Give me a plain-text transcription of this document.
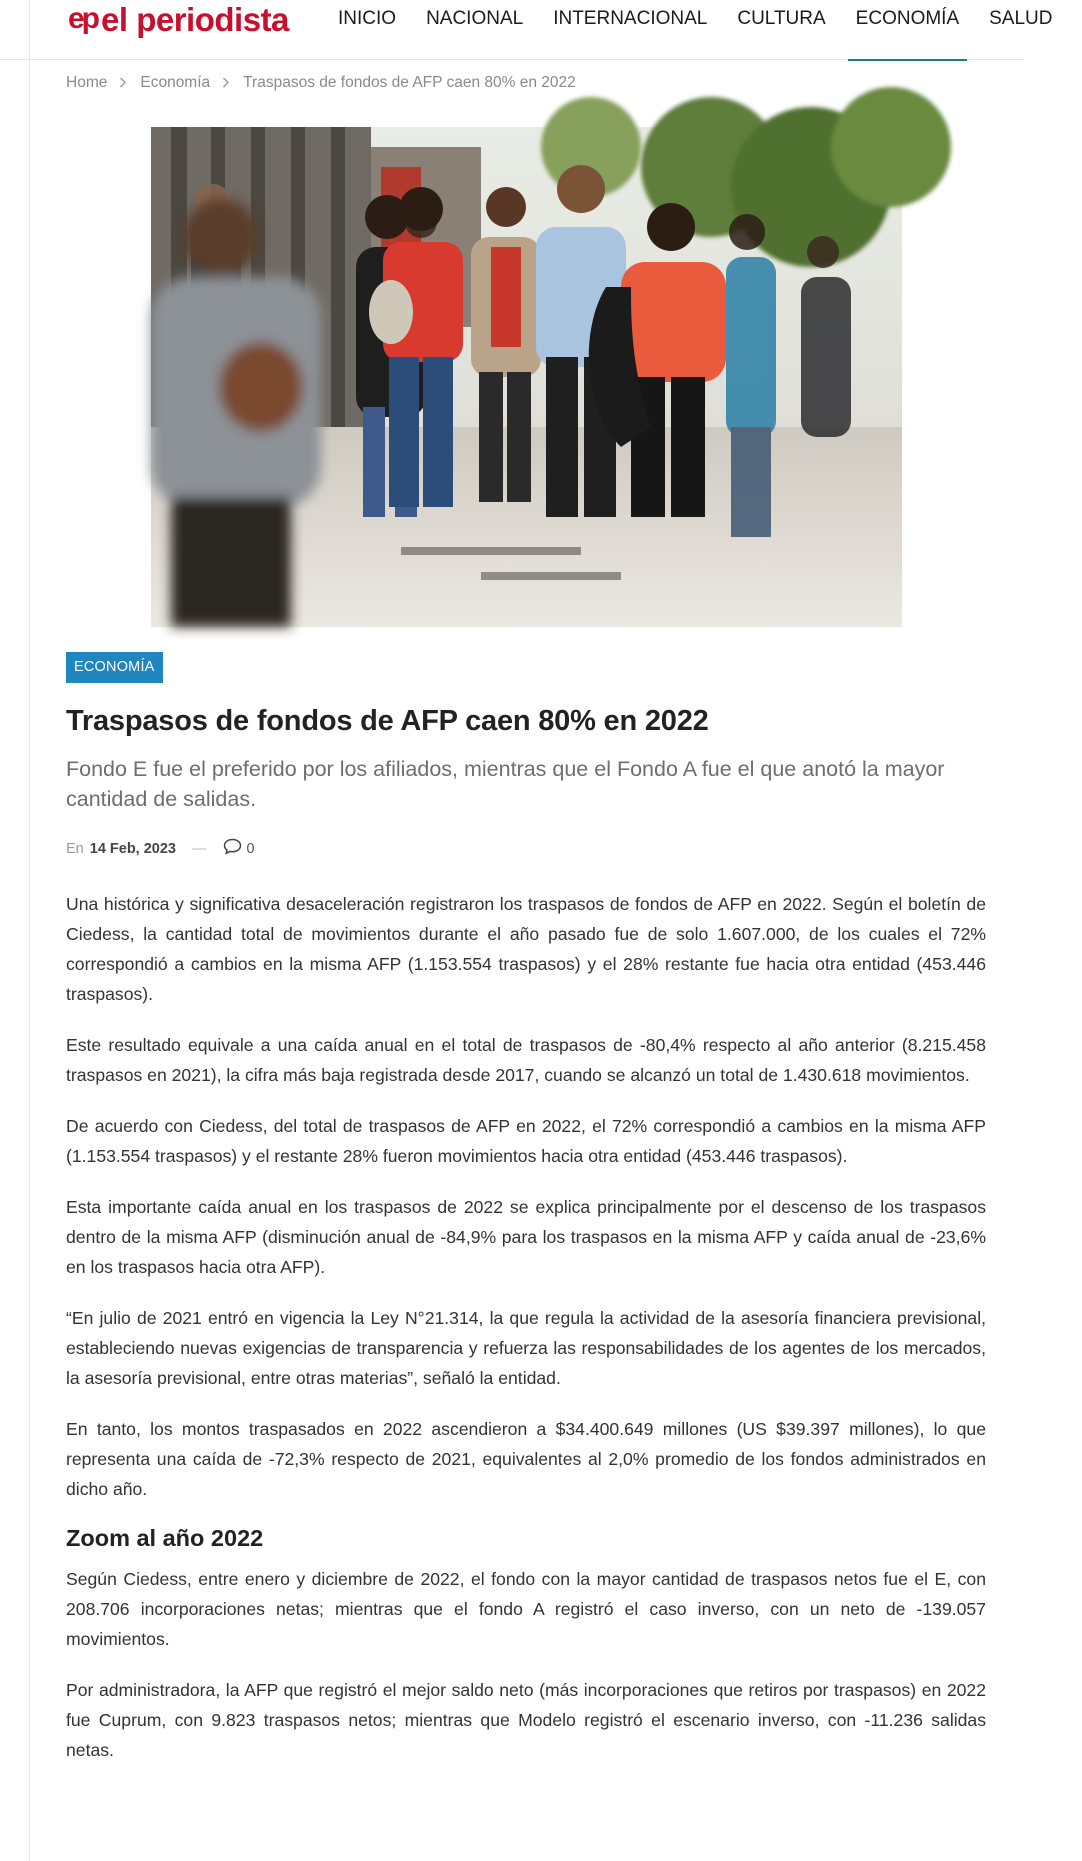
ep el periodista	INICIO NACIONAL INTERNACIONAL CULTURA ECONOMÍA SALUD
Home Economía Traspasos de fondos de AFP caen 80% en 2022
ECONOMÍA
Traspasos de fondos de AFP caen 80% en 2022

Fondo E fue el preferido por los afiliados, mientras que el Fondo A fue el que anotó la mayor cantidad de salidas.

En 14 Feb, 2023 —	0

Una histórica y significativa desaceleración registraron los traspasos de fondos de AFP en 2022. Según el boletín de Ciedess, la cantidad total de movimientos durante el año pasado fue de solo 1.607.000, de los cuales el 72% correspondió a cambios en la misma AFP (1.153.554 traspasos) y el 28% restante fue hacia otra entidad (453.446 traspasos).

Este resultado equivale a una caída anual en el total de traspasos de -80,4% respecto al año anterior (8.215.458 traspasos en 2021), la cifra más baja registrada desde 2017, cuando se alcanzó un total de 1.430.618 movimientos.

De acuerdo con Ciedess, del total de traspasos de AFP en 2022, el 72% correspondió a cambios en la misma AFP (1.153.554 traspasos) y el restante 28% fueron movimientos hacia otra entidad (453.446 traspasos).

Esta importante caída anual en los traspasos de 2022 se explica principalmente por el descenso de los traspasos dentro de la misma AFP (disminución anual de -84,9% para los traspasos en la misma AFP y caída anual de -23,6% en los traspasos hacia otra AFP).

“En julio de 2021 entró en vigencia la Ley N°21.314, la que regula la actividad de la asesoría financiera previsional, estableciendo nuevas exigencias de transparencia y refuerza las responsabilidades de los agentes de los mercados, la asesoría previsional, entre otras materias”, señaló la entidad.

En tanto, los montos traspasados en 2022 ascendieron a $34.400.649 millones (US $39.397 millones), lo que representa una caída de -72,3% respecto de 2021, equivalentes al 2,0% promedio de los fondos administrados en dicho año.

Zoom al año 2022

Según Ciedess, entre enero y diciembre de 2022, el fondo con la mayor cantidad de traspasos netos fue el E, con 208.706 incorporaciones netas; mientras que el fondo A registró el caso inverso, con un neto de -139.057 movimientos.

Por administradora, la AFP que registró el mejor saldo neto (más incorporaciones que retiros por traspasos) en 2022 fue Cuprum, con 9.823 traspasos netos; mientras que Modelo registró el escenario inverso, con -11.236 salidas netas.
